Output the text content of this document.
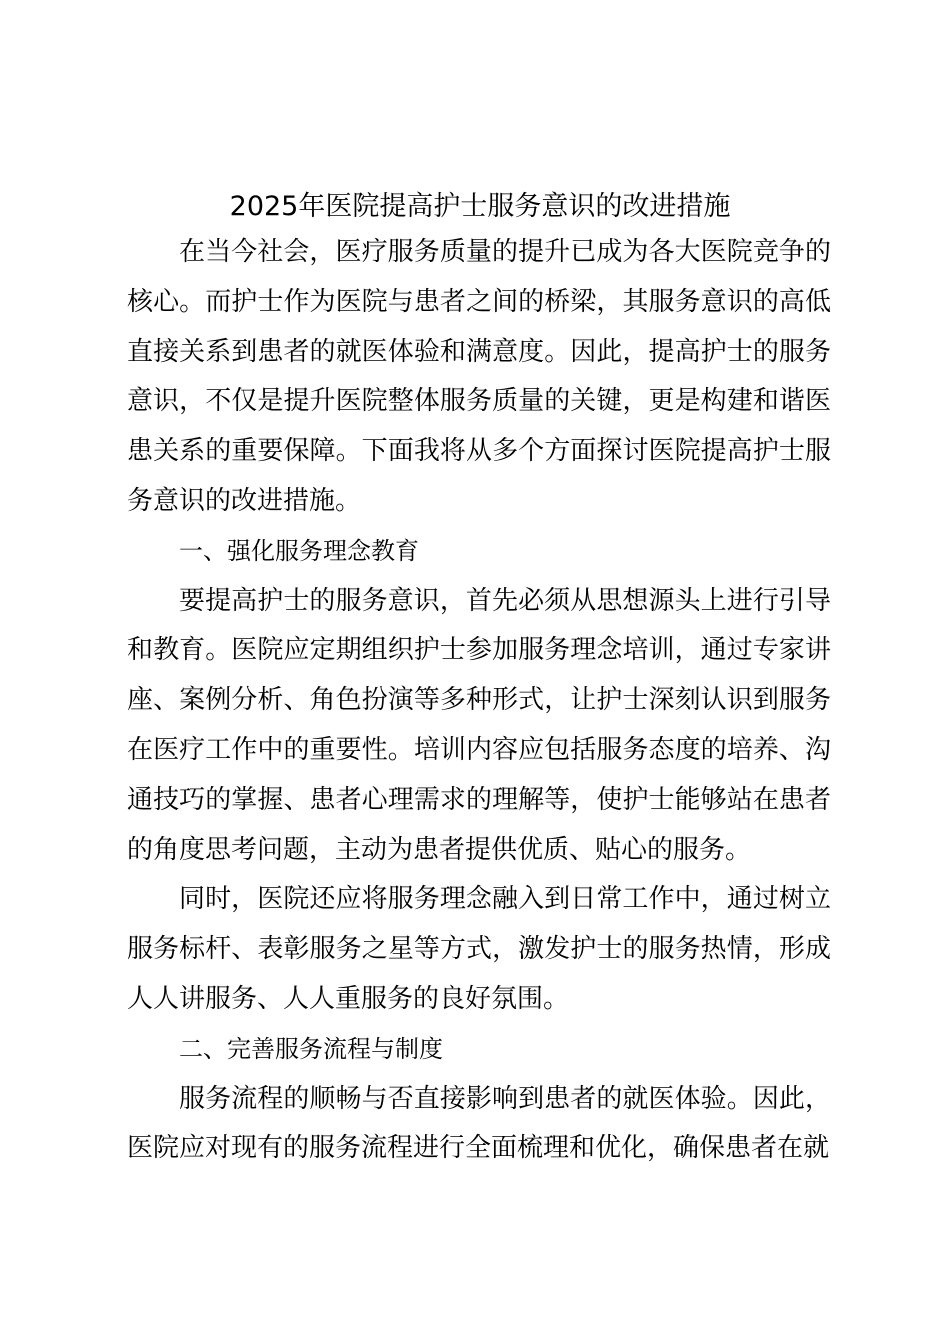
2025年医院提高护士服务意识的改进措施

在当今社会，医疗服务质量的提升已成为各大医院竞争的核心。而护士作为医院与患者之间的桥梁，其服务意识的高低直接关系到患者的就医体验和满意度。因此，提高护士的服务意识，不仅是提升医院整体服务质量的关键，更是构建和谐医患关系的重要保障。下面我将从多个方面探讨医院提高护士服务意识的改进措施。

一、强化服务理念教育

要提高护士的服务意识，首先必须从思想源头上进行引导和教育。医院应定期组织护士参加服务理念培训，通过专家讲座、案例分析、角色扮演等多种形式，让护士深刻认识到服务在医疗工作中的重要性。培训内容应包括服务态度的培养、沟通技巧的掌握、患者心理需求的理解等，使护士能够站在患者的角度思考问题，主动为患者提供优质、贴心的服务。

同时，医院还应将服务理念融入到日常工作中，通过树立服务标杆、表彰服务之星等方式，激发护士的服务热情，形成人人讲服务、人人重服务的良好氛围。

二、完善服务流程与制度

服务流程的顺畅与否直接影响到患者的就医体验。因此，医院应对现有的服务流程进行全面梳理和优化，确保患者在就
